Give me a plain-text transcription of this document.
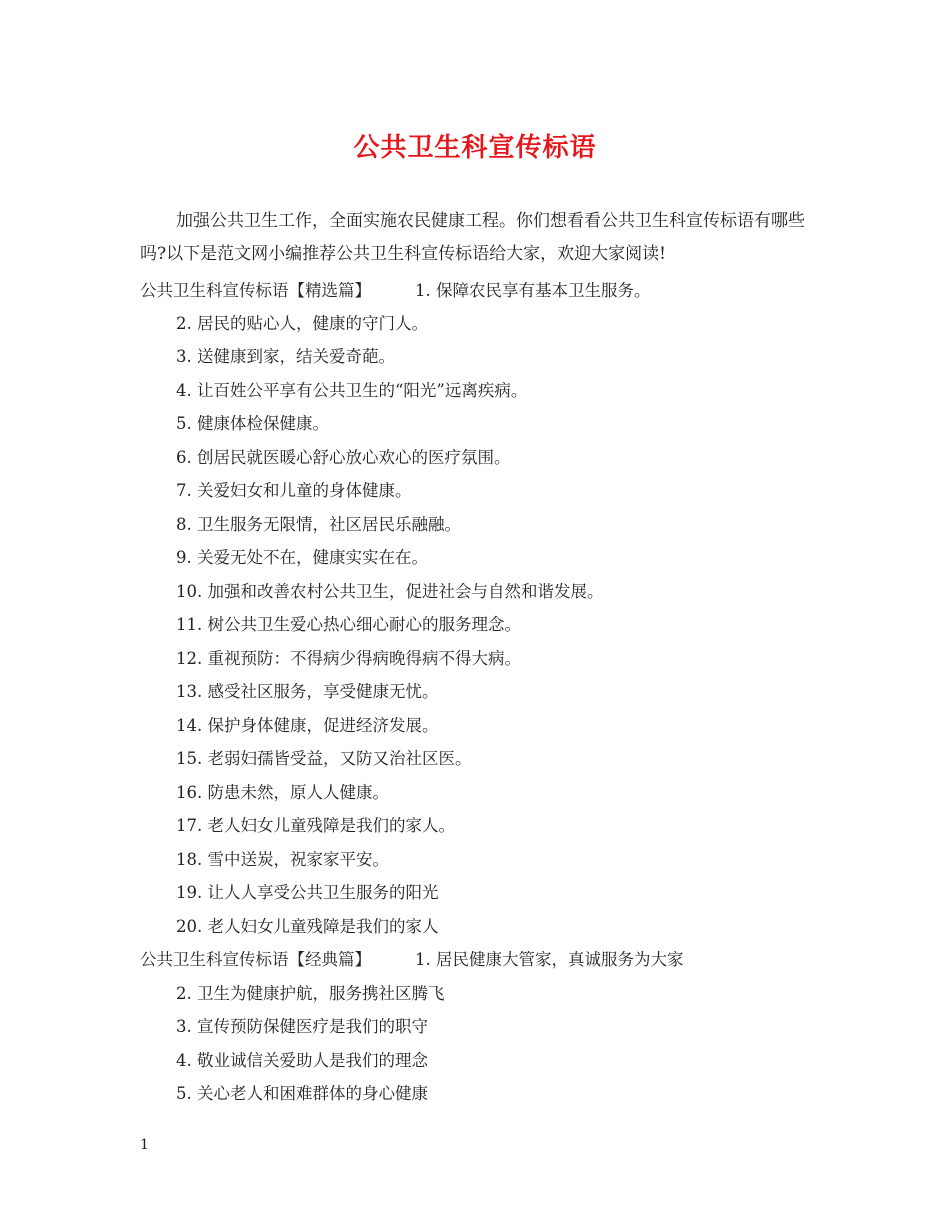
公共卫生科宣传标语

加强公共卫生工作，全面实施农民健康工程。你们想看看公共卫生科宣传标语有哪些吗?以下是范文网小编推荐公共卫生科宣传标语给大家，欢迎大家阅读!

公共卫生科宣传标语【精选篇】	1. 保障农民享有基本卫生服务。
2. 居民的贴心人，健康的守门人。
3. 送健康到家，结关爱奇葩。
4. 让百姓公平享有公共卫生的“阳光”远离疾病。
5. 健康体检保健康。
6. 创居民就医暖心舒心放心欢心的医疗氛围。
7. 关爱妇女和儿童的身体健康。
8. 卫生服务无限情，社区居民乐融融。
9. 关爱无处不在，健康实实在在。
10. 加强和改善农村公共卫生，促进社会与自然和谐发展。
11. 树公共卫生爱心热心细心耐心的服务理念。
12. 重视预防：不得病少得病晚得病不得大病。
13. 感受社区服务，享受健康无忧。
14. 保护身体健康，促进经济发展。
15. 老弱妇孺皆受益，又防又治社区医。
16. 防患未然，原人人健康。
17. 老人妇女儿童残障是我们的家人。
18. 雪中送炭，祝家家平安。
19. 让人人享受公共卫生服务的阳光
20. 老人妇女儿童残障是我们的家人
公共卫生科宣传标语【经典篇】	1. 居民健康大管家，真诚服务为大家
2. 卫生为健康护航，服务携社区腾飞
3. 宣传预防保健医疗是我们的职守
4. 敬业诚信关爱助人是我们的理念
5. 关心老人和困难群体的身心健康
1
